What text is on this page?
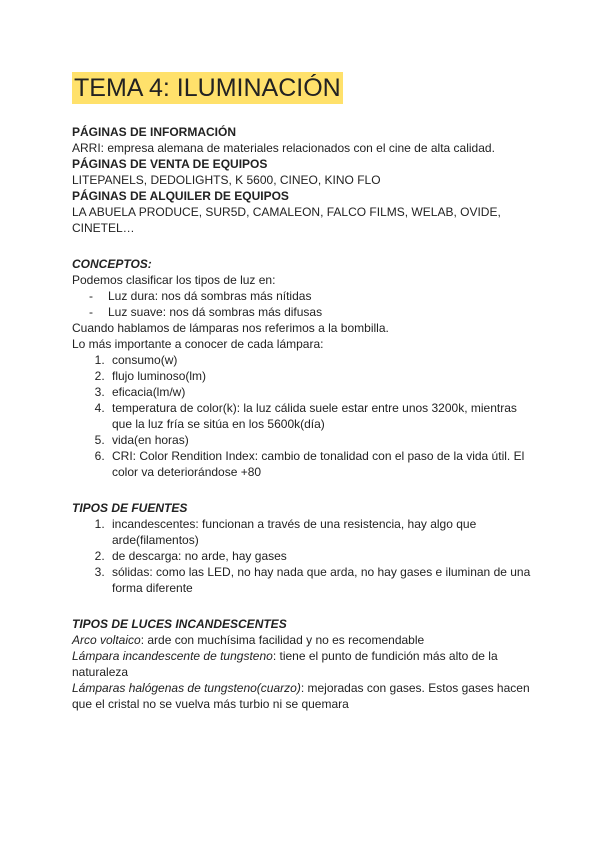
TEMA 4: ILUMINACIÓN

PÁGINAS DE INFORMACIÓN

ARRI: empresa alemana de materiales relacionados con el cine de alta calidad.

PÁGINAS DE VENTA DE EQUIPOS

LITEPANELS, DEDOLIGHTS, K 5600, CINEO, KINO FLO

PÁGINAS DE ALQUILER DE EQUIPOS

LA ABUELA PRODUCE, SUR5D, CAMALEON, FALCO FILMS, WELAB, OVIDE, CINETEL…

CONCEPTOS:

Podemos clasificar los tipos de luz en:

- Luz dura: nos dá sombras más nítidas
- Luz suave: nos dá sombras más difusas

Cuando hablamos de lámparas nos referimos a la bombilla.

Lo más importante a conocer de cada lámpara:

1. consumo(w)
2. flujo luminoso(lm)
3. eficacia(lm/w)
4. temperatura de color(k): la luz cálida suele estar entre unos 3200k, mientras que la luz fría se sitúa en los 5600k(día)
5. vida(en horas)
6. CRI: Color Rendition Index: cambio de tonalidad con el paso de la vida útil. El color va deteriorándose +80

TIPOS DE FUENTES

1. incandescentes: funcionan a través de una resistencia, hay algo que arde(filamentos)
2. de descarga: no arde, hay gases
3. sólidas: como las LED, no hay nada que arda, no hay gases e iluminan de una forma diferente

TIPOS DE LUCES INCANDESCENTES

Arco voltaico: arde con muchísima facilidad y no es recomendable

Lámpara incandescente de tungsteno: tiene el punto de fundición más alto de la naturaleza

Lámparas halógenas de tungsteno(cuarzo): mejoradas con gases. Estos gases hacen que el cristal no se vuelva más turbio ni se quemara
